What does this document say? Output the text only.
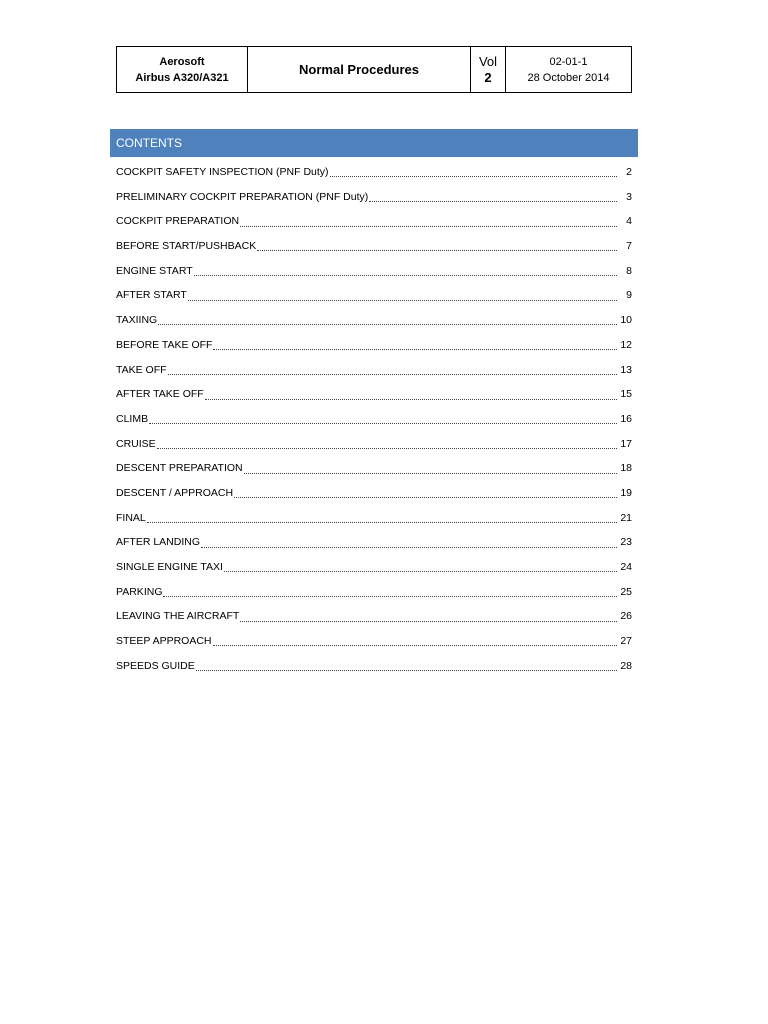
Aerosoft
Airbus A320/A321
	Normal Procedures	Vol
2

02-01-1
28 October 2014
CONTENTS
COCKPIT SAFETY INSPECTION (PNF Duty)	2
PRELIMINARY COCKPIT PREPARATION (PNF Duty)	3
COCKPIT PREPARATION	4
BEFORE START/PUSHBACK	7
ENGINE START	8
AFTER START	9
TAXIING	10
BEFORE TAKE OFF	12
TAKE OFF	13
AFTER TAKE OFF	15
CLIMB	16
CRUISE	17
DESCENT PREPARATION	18
DESCENT / APPROACH	19
FINAL	21
AFTER LANDING	23
SINGLE ENGINE TAXI	24
PARKING	25
LEAVING THE AIRCRAFT	26
STEEP APPROACH	27
SPEEDS GUIDE	28
